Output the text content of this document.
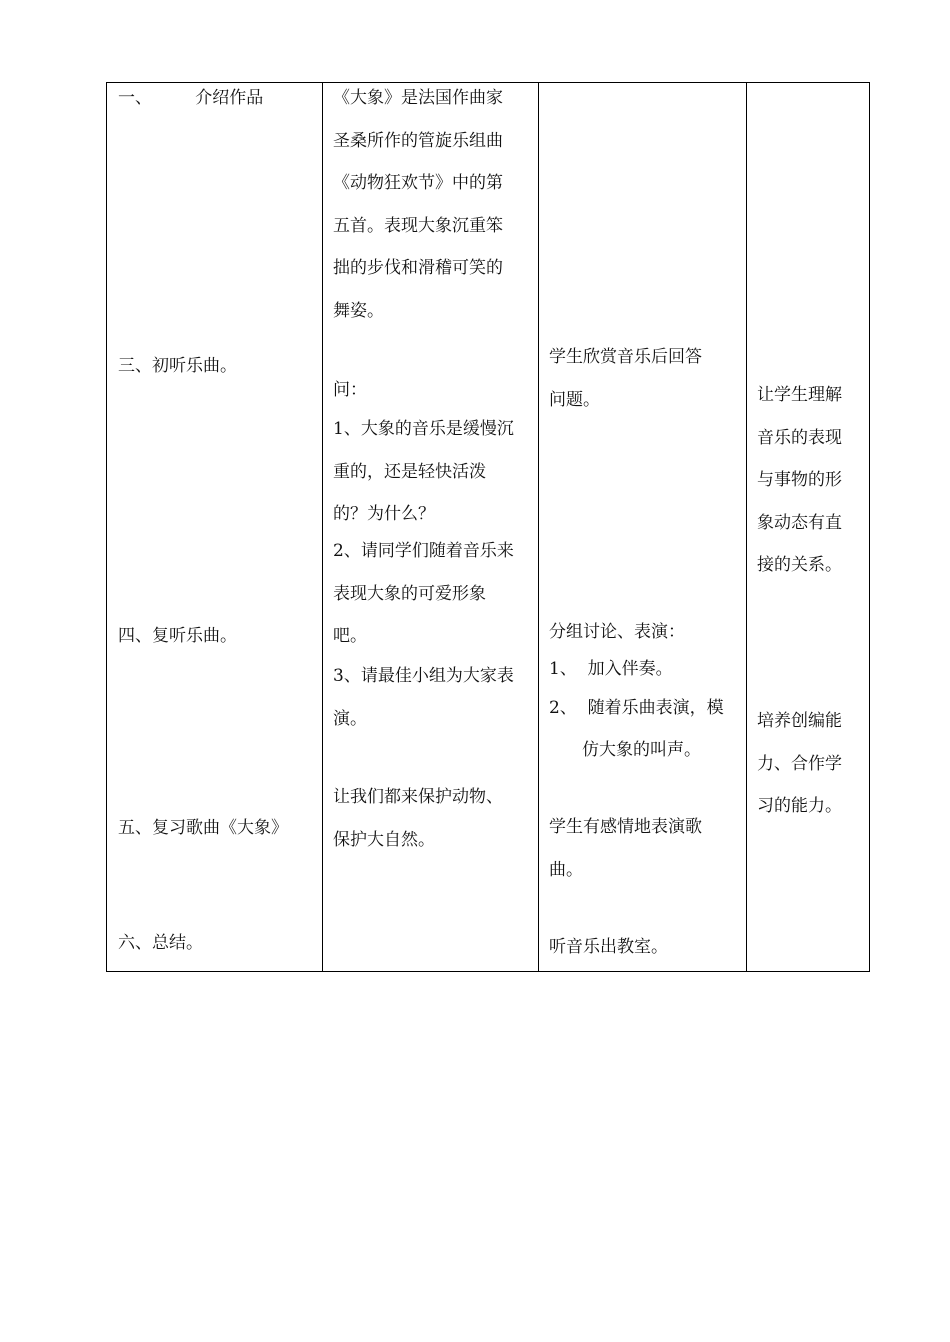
一、        介绍作品

三、初听乐曲。

四、复听乐曲。

五、复习歌曲《大象》

六、总结。

《大象》是法国作曲家
圣桑所作的管旋乐组曲
《动物狂欢节》中的第
五首。表现大象沉重笨
拙的步伐和滑稽可笑的
舞姿。

问：

1、大象的音乐是缓慢沉
重的，还是轻快活泼
的？为什么？
2、请同学们随着音乐来
表现大象的可爱形象
吧。
3、请最佳小组为大家表
演。
让我们都来保护动物、
保护大自然。
学生欣赏音乐后回答
问题。

分组讨论、表演：

1、  加入伴奏。

2、  随着乐曲表演，模

仿大象的叫声。

学生有感情地表演歌
曲。

听音乐出教室。

让学生理解
音乐的表现
与事物的形
象动态有直
接的关系。
培养创编能
力、合作学
习的能力。
